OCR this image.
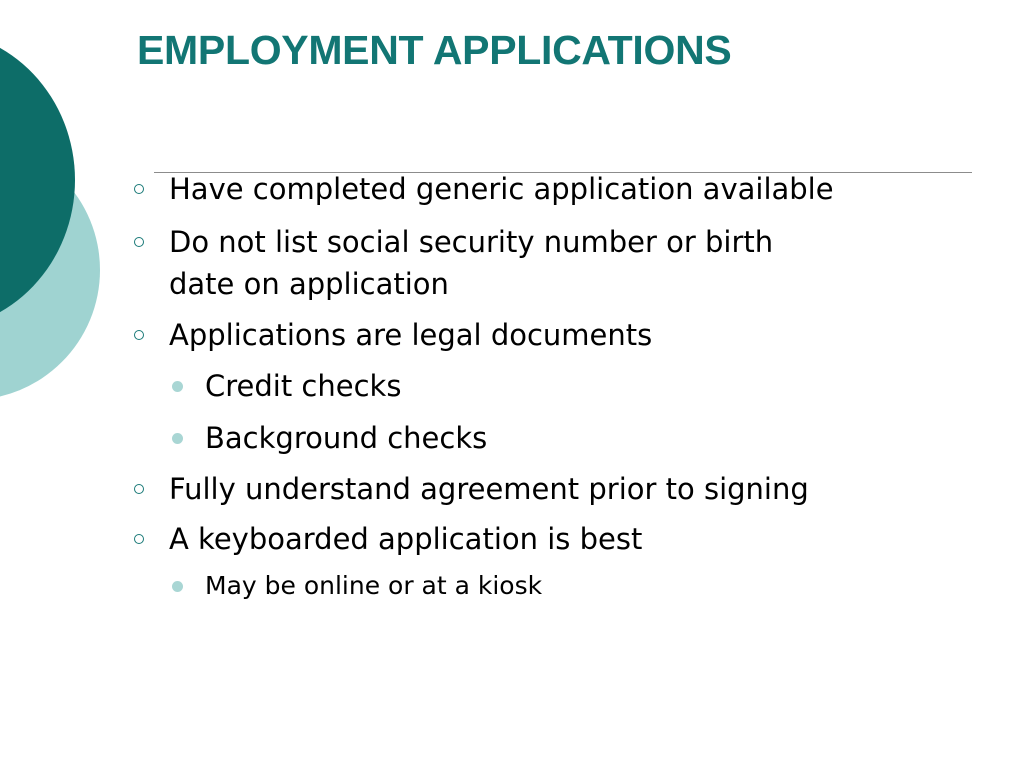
EMPLOYMENT APPLICATIONS
Have completed generic application available
Do not list social security number or birth
date on application
Applications are legal documents
Credit checks
Background checks
Fully understand agreement prior to signing
A keyboarded application is best
May be online or at a kiosk
